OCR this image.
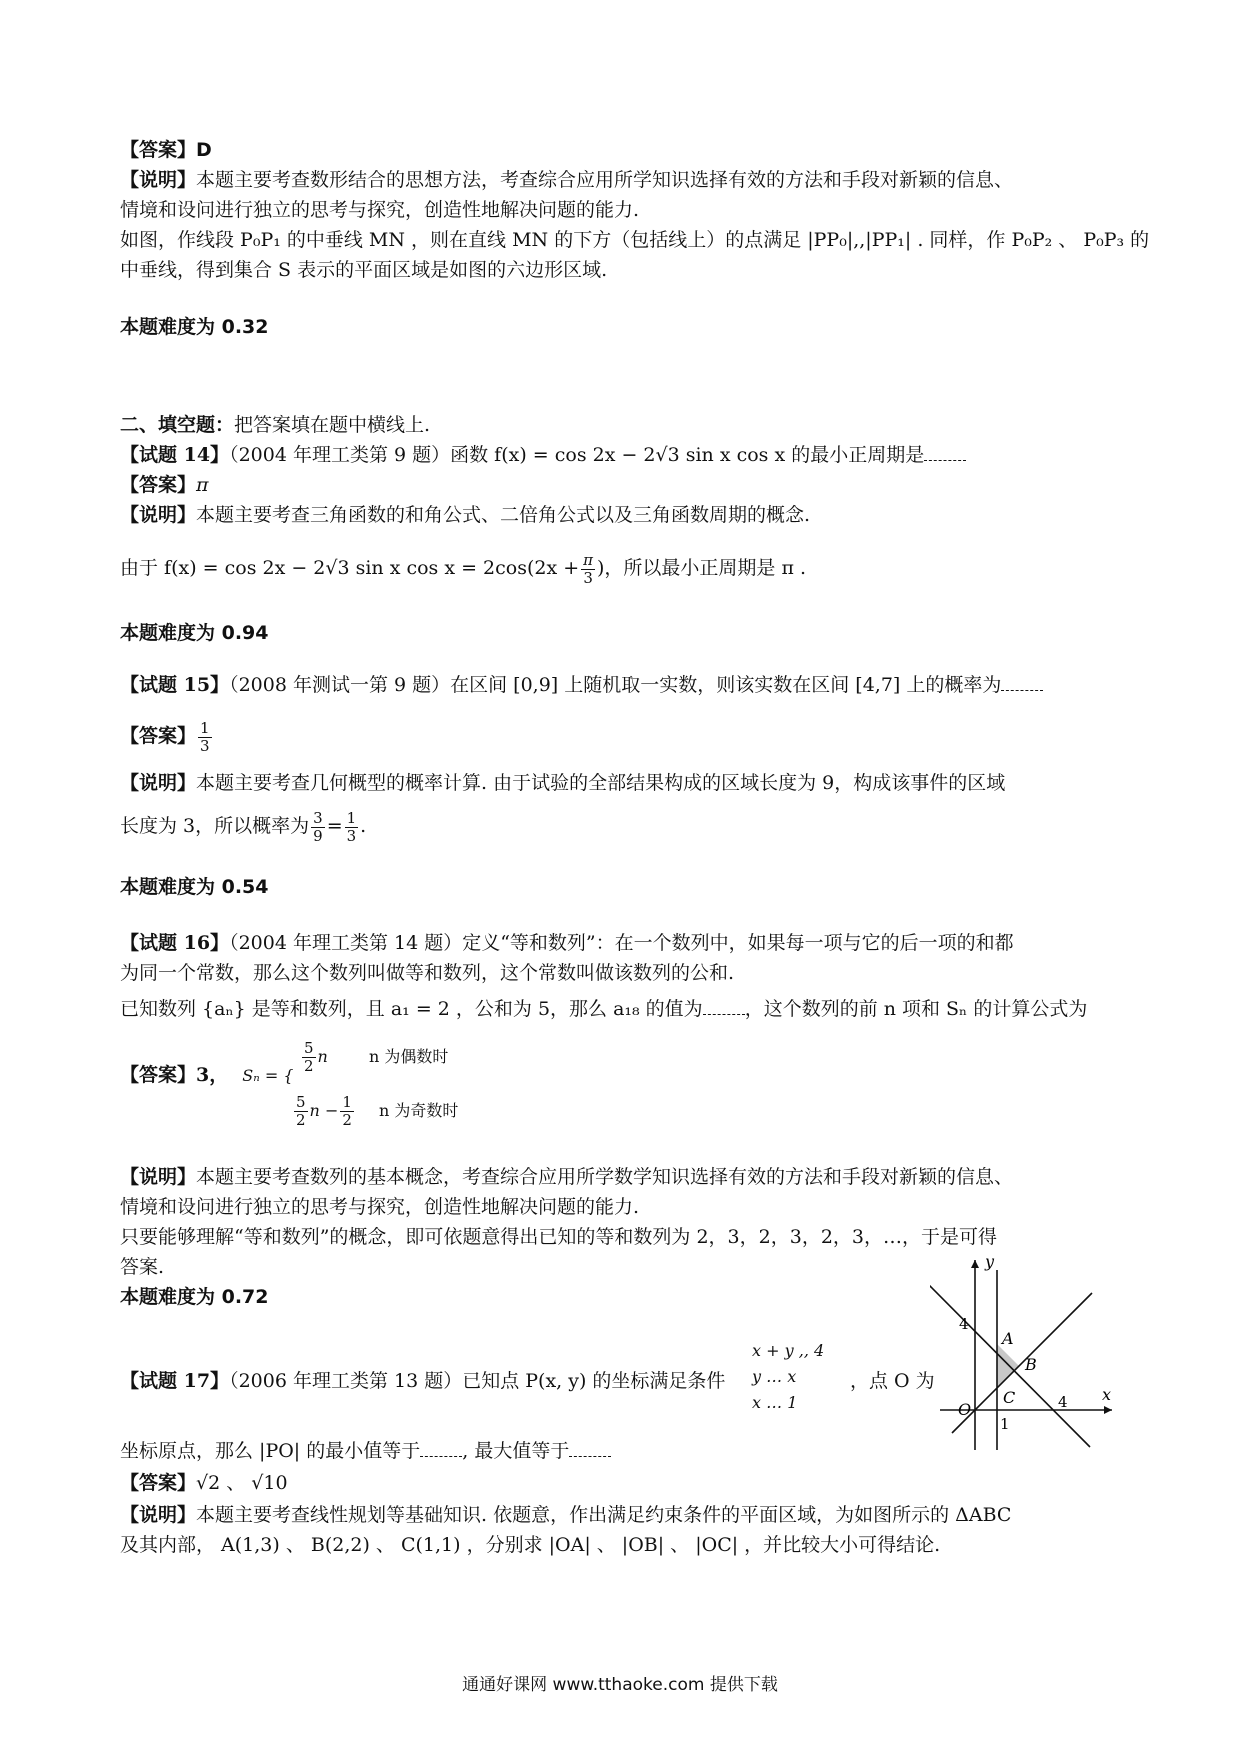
【答案】D
【说明】本题主要考查数形结合的思想方法，考查综合应用所学知识选择有效的方法和手段对新颖的信息、
情境和设问进行独立的思考与探究，创造性地解决问题的能力.
如图，作线段 P₀P₁ 的中垂线 MN ，则在直线 MN 的下方（包括线上）的点满足 |PP₀|,,|PP₁| . 同样，作 P₀P₂ 、 P₀P₃ 的
中垂线，得到集合 S 表示的平面区域是如图的六边形区域.
本题难度为 0.32
二、填空题：把答案填在题中横线上.
【试题 14】（2004 年理工类第 9 题）函数 f(x) = cos 2x − 2√3 sin x cos x 的最小正周期是
【答案】π
【说明】本题主要考查三角函数的和角公式、二倍角公式以及三角函数周期的概念.
由于 f(x) = cos 2x − 2√3 sin x $\cos x = 2\cos(2x + \frac{\pi}{3}$ )，所以最小正周期是 π .
本题难度为 0.94
【试题 15】（2008 年测试一第 9 题）在区间 [0,9] 上随机取一实数，则该实数在区间 [4,7] 上的概率为
【答案】 $\frac{1}{3}$
【说明】本题主要考查几何概型的概率计算. 由于试验的全部结果构成的区域长度为 9，构成该事件的区域
长度为 3，所以概率为 $\frac{3}{9} = \frac{1}{3}$ .
本题难度为 0.54
【试题 16】（2004 年理工类第 14 题）定义“等和数列”：在一个数列中，如果每一项与它的后一项的和都
为同一个常数，那么这个数列叫做等和数列，这个常数叫做该数列的公和.
已知数列 {aₙ} 是等和数列，且 a₁ = 2 ，公和为 5，那么 a₁₈ 的值为 ，这个数列的前 n 项和 Sₙ 的计算公式为
【答案】3， Sₙ = {
$\frac{5}{2}$ n	n 为偶数时
$\frac{5}{2}$ $n - \frac{1}{2}$ n 为奇数时
【说明】本题主要考查数列的基本概念，考查综合应用所学数学知识选择有效的方法和手段对新颖的信息、
情境和设问进行独立的思考与探究，创造性地解决问题的能力.
只要能够理解“等和数列”的概念，即可依题意得出已知的等和数列为 2，3，2，3，2，3，…，于是可得
答案.
本题难度为 0.72
【试题 17】（2006 年理工类第 13 题）已知点 P(x, y) 的坐标满足条件
x + y ,, 4
y … x
x … 1
，点 O 为
坐标原点，那么 |PO| 的最小值等于 , 最大值等于
【答案】√2 、 √10
【说明】本题主要考查线性规划等基础知识. 依题意，作出满足约束条件的平面区域，为如图所示的 ΔABC
及其内部， A(1,3) 、 B(2,2) 、 C(1,1) ，分别求 |OA| 、 |OB| 、 |OC| ，并比较大小可得结论.
y
x
O
A
B
C
4
4
1
通通好课网 www.tthaoke.com 提供下载
